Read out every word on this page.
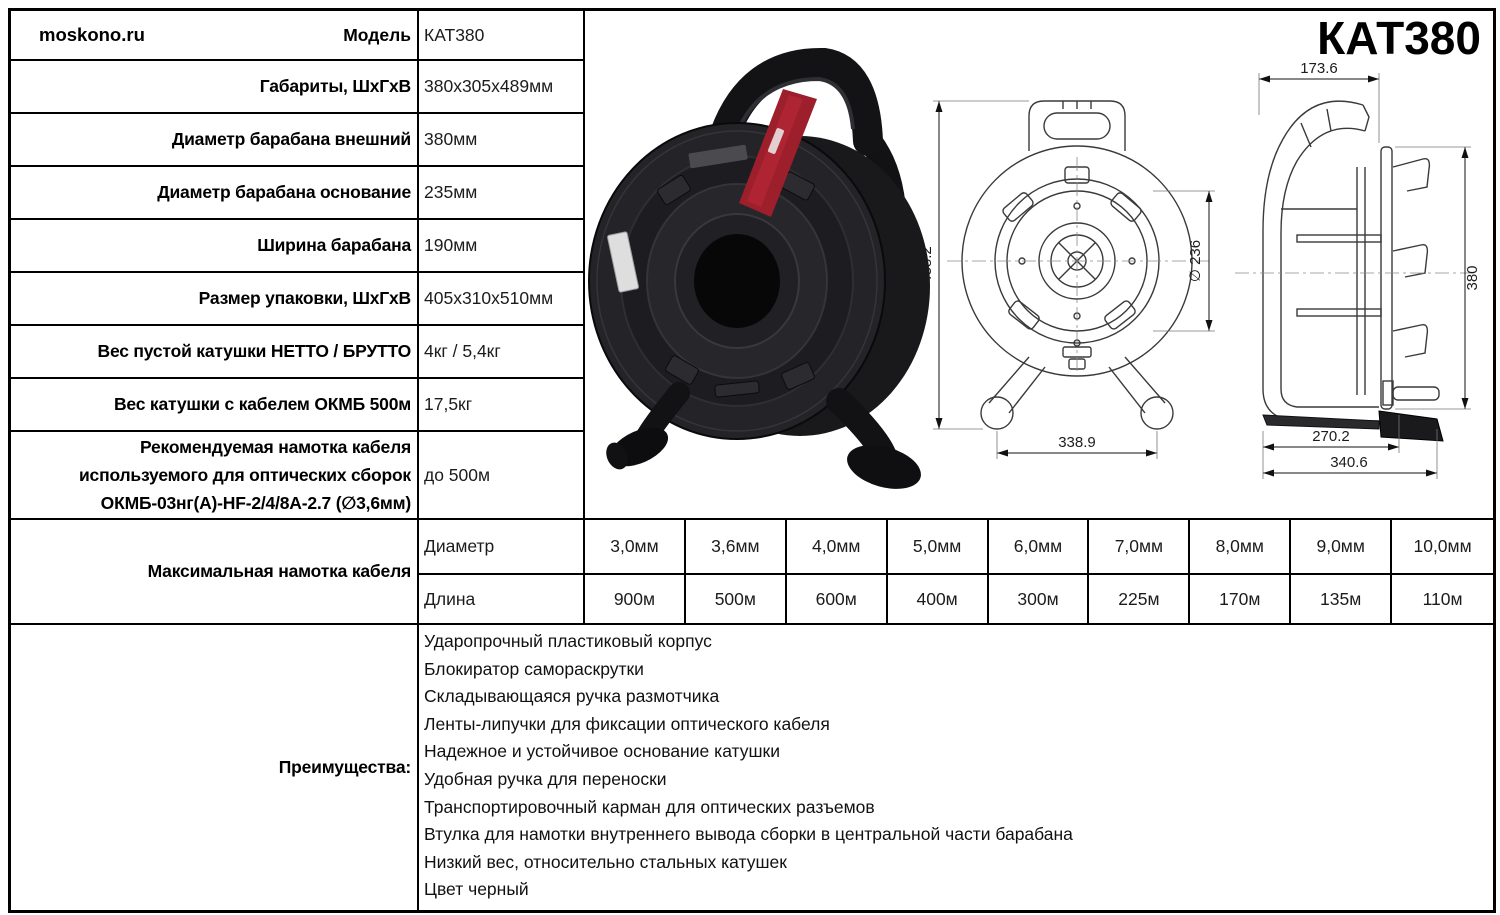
moskono.ru	Модель КАТ380	КАТ380
488.2
338.9
∅ 236
173.6
380
270.2
340.6
Габариты, ШхГхВ 380х305х489мм
Диаметр барабана внешний 380мм
Диаметр барабана основание 235мм
Ширина барабана 190мм
Размер упаковки, ШхГхВ 405х310х510мм
Вес пустой катушки НЕТТО / БРУТТО 4кг / 5,4кг
Вес катушки с кабелем ОКМБ 500м 17,5кг
Рекомендуемая намотка кабеля используемого для оптических сборок ОКМБ-03нг(А)-HF-2/4/8А-2.7 (∅3,6мм)
до 500м
Максимальная намотка кабеля
Диаметр	3,0мм	3,6мм	4,0мм	5,0мм	6,0мм	7,0мм	8,0мм	9,0мм	10,0мм
Длина	900м	500м	600м	400м	300м	225м	170м	135м	110м
Преимущества:
Ударопрочный пластиковый корпус
Блокиратор самораскрутки
Складывающаяся ручка размотчика
Ленты-липучки для фиксации оптического кабеля
Надежное и устойчивое основание катушки
Удобная ручка для переноски
Транспортировочный карман для оптических разъемов
Втулка для намотки внутреннего вывода сборки в центральной части барабана
Низкий вес, относительно стальных катушек
Цвет черный
